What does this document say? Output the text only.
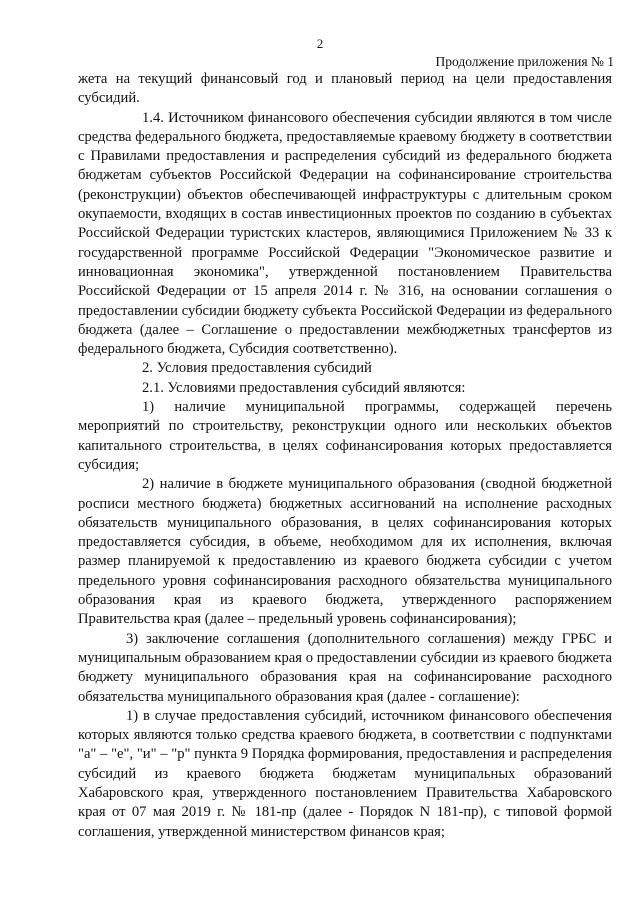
2
Продолжение приложения № 1

жета на текущий финансовый год и плановый период на цели предоставления субсидий.

1.4. Источником финансового обеспечения субсидии являются в том числе средства федерального бюджета, предоставляемые краевому бюджету в соответствии с Правилами предоставления и распределения субсидий из федерального бюджета бюджетам субъектов Российской Федерации на софинансирование строительства (реконструкции) объектов обеспечивающей инфраструктуры с длительным сроком окупаемости, входящих в состав инвестиционных проектов по созданию в субъектах Российской Федерации туристских кластеров, являющимися Приложением № 33 к государственной программе Российской Федерации "Экономическое развитие и инновационная экономика", утвержденной постановлением Правительства Российской Федерации от 15 апреля 2014 г. № 316, на основании соглашения о предоставлении субсидии бюджету субъекта Российской Федерации из федерального бюджета (далее – Соглашение о предоставлении межбюджетных трансфертов из федерального бюджета, Субсидия соответственно).

2. Условия предоставления субсидий

2.1. Условиями предоставления субсидий являются:

1) наличие муниципальной программы, содержащей перечень мероприятий по строительству, реконструкции одного или нескольких объектов капитального строительства, в целях софинансирования которых предоставляется субсидия;

2) наличие в бюджете муниципального образования (сводной бюджетной росписи местного бюджета) бюджетных ассигнований на исполнение расходных обязательств муниципального образования, в целях софинансирования которых предоставляется субсидия, в объеме, необходимом для их исполнения, включая размер планируемой к предоставлению из краевого бюджета субсидии с учетом предельного уровня софинансирования расходного обязательства муниципального образования края из краевого бюджета, утвержденного распоряжением Правительства края (далее – предельный уровень софинансирования);

3) заключение соглашения (дополнительного соглашения) между ГРБС и муниципальным образованием края о предоставлении субсидии из краевого бюджета бюджету муниципального образования края на софинансирование расходного обязательства муниципального образования края (далее - соглашение):

1) в случае предоставления субсидий, источником финансового обеспечения которых являются только средства краевого бюджета, в соответствии с подпунктами "а" – "е", "и" – "р" пункта 9 Порядка формирования, предоставления и распределения субсидий из краевого бюджета бюджетам муниципальных образований Хабаровского края, утвержденного постановлением Правительства Хабаровского края от 07 мая 2019 г. № 181-пр (далее - Порядок N 181-пр), с типовой формой соглашения, утвержденной министерством финансов края;
